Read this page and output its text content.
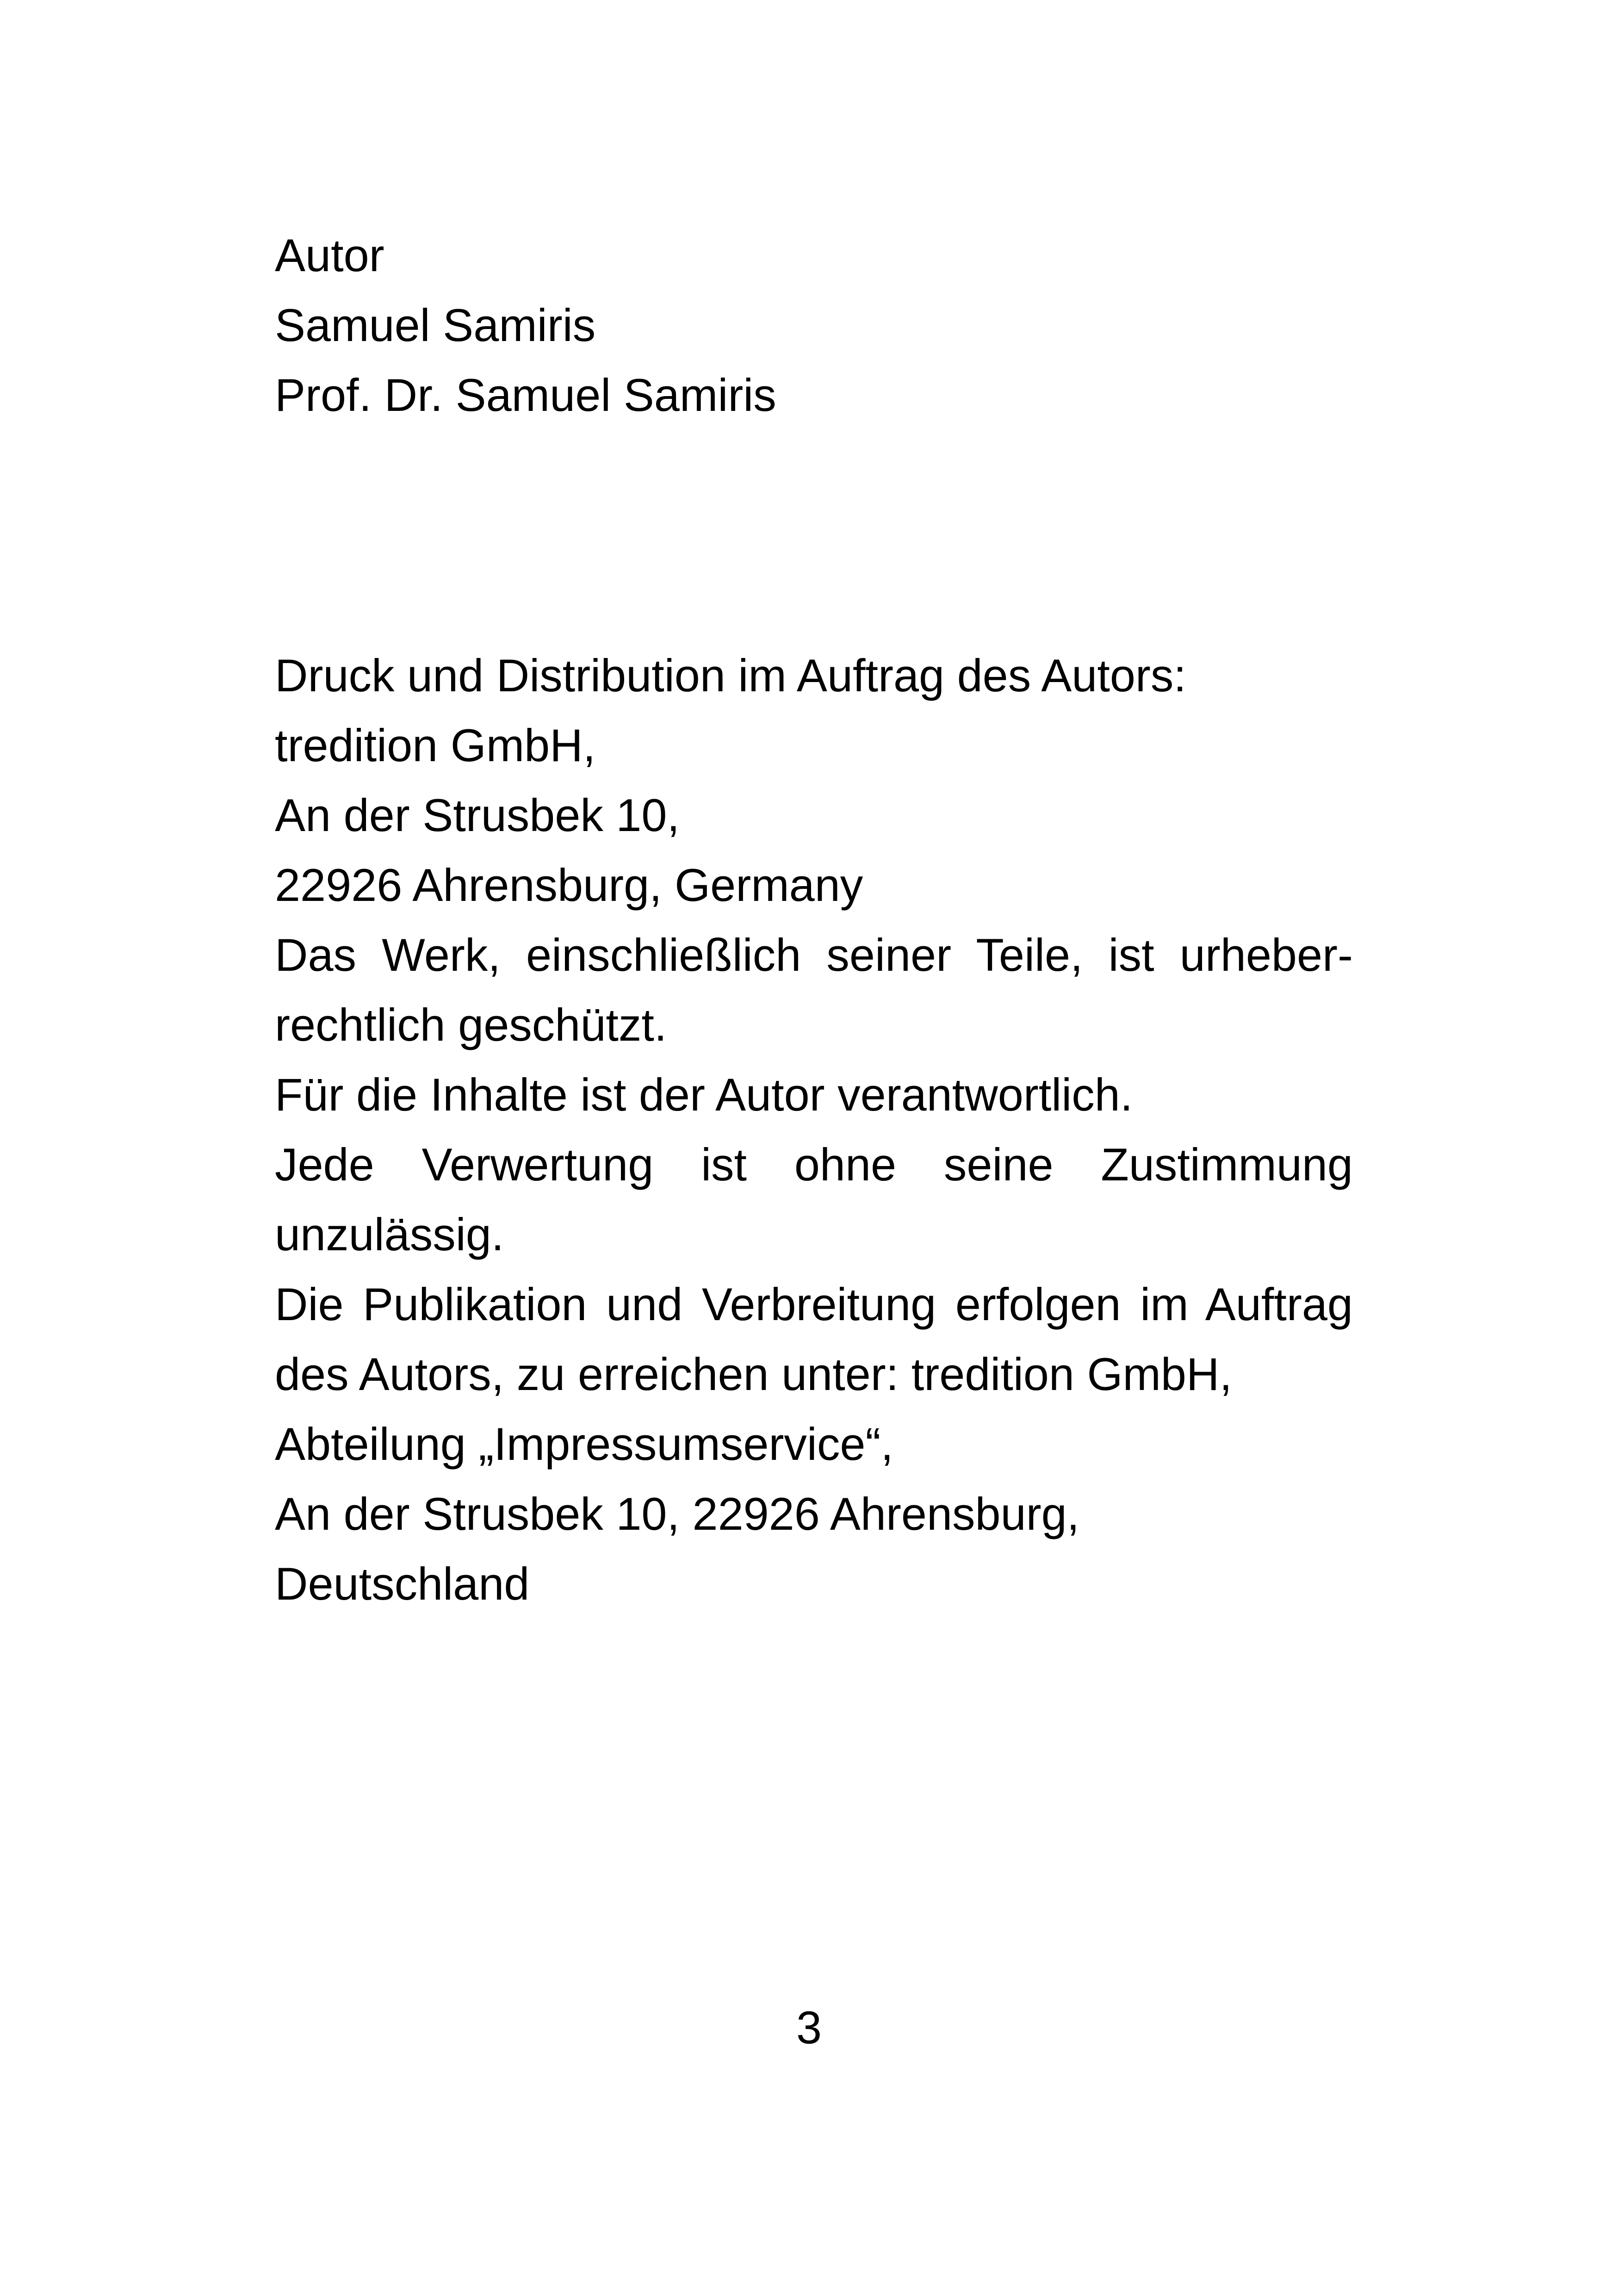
Autor
Samuel Samiris
Prof. Dr. Samuel Samiris
Druck und Distribution im Auftrag des Autors:
tredition GmbH,
An der Strusbek 10,
22926 Ahrensburg, Germany
Das Werk, einschließlich seiner Teile, ist urheber-
rechtlich geschützt.
Für die Inhalte ist der Autor verantwortlich.
Jede Verwertung ist ohne seine Zustimmung
unzulässig.
Die Publikation und Verbreitung erfolgen im Auftrag
des Autors, zu erreichen unter: tredition GmbH,
Abteilung „Impressumservice“,
An der Strusbek 10, 22926 Ahrensburg,
Deutschland
3
